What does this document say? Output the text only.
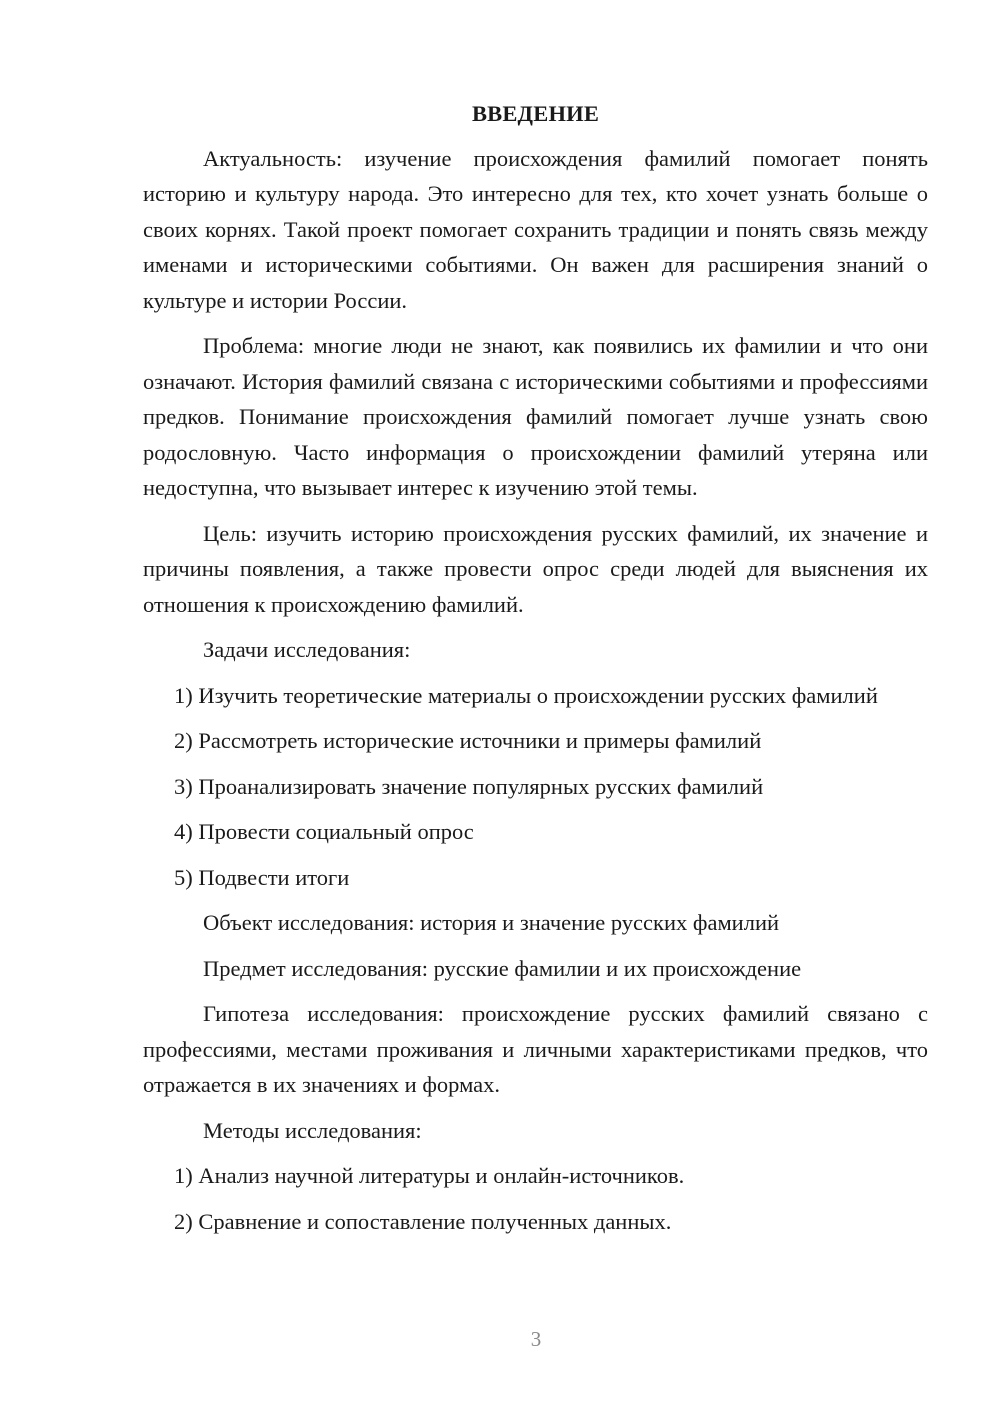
ВВЕДЕНИЕ

Актуальность: изучение происхождения фамилий помогает понять историю и культуру народа. Это интересно для тех, кто хочет узнать больше о своих корнях. Такой проект помогает сохранить традиции и понять связь между именами и историческими событиями. Он важен для расширения знаний о культуре и истории России.

Проблема: многие люди не знают, как появились их фамилии и что они означают. История фамилий связана с историческими событиями и профессиями предков. Понимание происхождения фамилий помогает лучше узнать свою родословную. Часто информация о происхождении фамилий утеряна или недоступна, что вызывает интерес к изучению этой темы.

Цель: изучить историю происхождения русских фамилий, их значение и причины появления, а также провести опрос среди людей для выяснения их отношения к происхождению фамилий.

Задачи исследования:

1) Изучить теоретические материалы о происхождении русских фамилий

2) Рассмотреть исторические источники и примеры фамилий

3) Проанализировать значение популярных русских фамилий

4) Провести социальный опрос

5) Подвести итоги

Объект исследования: история и значение русских фамилий

Предмет исследования: русские фамилии и их происхождение

Гипотеза исследования: происхождение русских фамилий связано с профессиями, местами проживания и личными характеристиками предков, что отражается в их значениях и формах.

Методы исследования:

1) Анализ научной литературы и онлайн-источников.

2) Сравнение и сопоставление полученных данных.

3
